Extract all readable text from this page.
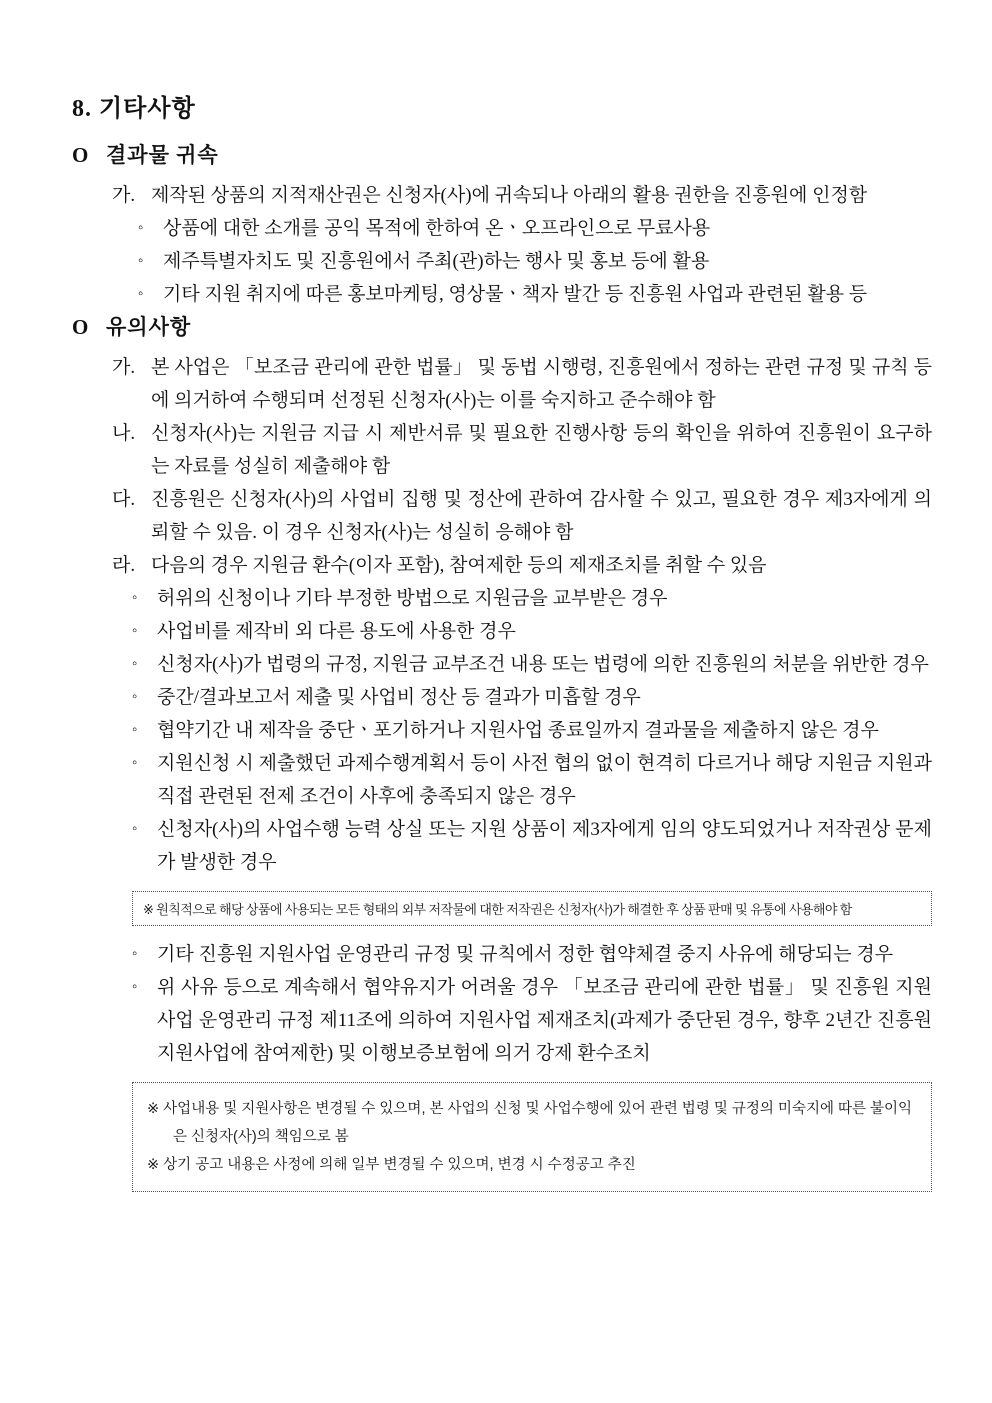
8. 기타사항
O 결과물 귀속
가. 제작된 상품의 지적재산권은 신청자(사)에 귀속되나 아래의 활용 권한을 진흥원에 인정함
◦	상품에 대한 소개를 공익 목적에 한하여 온ㆍ오프라인으로 무료사용
◦	제주특별자치도 및 진흥원에서 주최(관)하는 행사 및 홍보 등에 활용
◦	기타 지원 취지에 따른 홍보마케팅, 영상물ㆍ책자 발간 등 진흥원 사업과 관련된 활용 등
O 유의사항
가. 본 사업은 「보조금 관리에 관한 법률」 및 동법 시행령, 진흥원에서 정하는 관련 규정 및 규칙 등에 의거하여 수행되며 선정된 신청자(사)는 이를 숙지하고 준수해야 함
나. 신청자(사)는 지원금 지급 시 제반서류 및 필요한 진행사항 등의 확인을 위하여 진흥원이 요구하는 자료를 성실히 제출해야 함
다. 진흥원은 신청자(사)의 사업비 집행 및 정산에 관하여 감사할 수 있고, 필요한 경우 제3자에게 의뢰할 수 있음. 이 경우 신청자(사)는 성실히 응해야 함
라. 다음의 경우 지원금 환수(이자 포함), 참여제한 등의 제재조치를 취할 수 있음
◦	허위의 신청이나 기타 부정한 방법으로 지원금을 교부받은 경우
◦	사업비를 제작비 외 다른 용도에 사용한 경우
◦	신청자(사)가 법령의 규정, 지원금 교부조건 내용 또는 법령에 의한 진흥원의 처분을 위반한 경우
◦	중간/결과보고서 제출 및 사업비 정산 등 결과가 미흡할 경우
◦	협약기간 내 제작을 중단ㆍ포기하거나 지원사업 종료일까지 결과물을 제출하지 않은 경우
◦	지원신청 시 제출했던 과제수행계획서 등이 사전 협의 없이 현격히 다르거나 해당 지원금 지원과 직접 관련된 전제 조건이 사후에 충족되지 않은 경우
◦	신청자(사)의 사업수행 능력 상실 또는 지원 상품이 제3자에게 임의 양도되었거나 저작권상 문제가 발생한 경우
※ 원칙적으로 해당 상품에 사용되는 모든 형태의 외부 저작물에 대한 저작권은 신청자(사)가 해결한 후 상품 판매 및 유통에 사용해야 함
◦	기타 진흥원 지원사업 운영관리 규정 및 규칙에서 정한 협약체결 중지 사유에 해당되는 경우
◦	위 사유 등으로 계속해서 협약유지가 어려울 경우 「보조금 관리에 관한 법률」 및 진흥원 지원사업 운영관리 규정 제11조에 의하여 지원사업 제재조치(과제가 중단된 경우, 향후 2년간 진흥원 지원사업에 참여제한) 및 이행보증보험에 의거 강제 환수조치
※ 사업내용 및 지원사항은 변경될 수 있으며, 본 사업의 신청 및 사업수행에 있어 관련 법령 및 규정의 미숙지에 따른 불이익은 신청자(사)의 책임으로 봄
※ 상기 공고 내용은 사정에 의해 일부 변경될 수 있으며, 변경 시 수정공고 추진
